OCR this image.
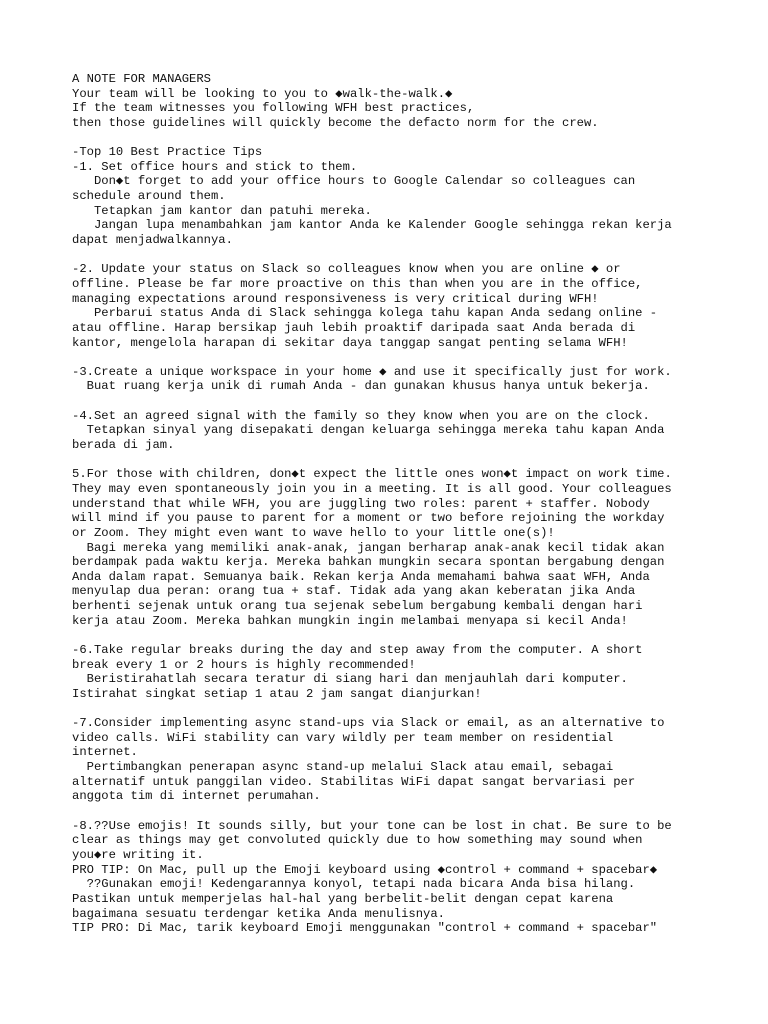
A NOTE FOR MANAGERS

Your team will be looking to you to ◆walk-the-walk.◆

If the team witnesses you following WFH best practices,

then those guidelines will quickly become the defacto norm for the crew.

-Top 10 Best Practice Tips

-1. Set office hours and stick to them.

Don◆t forget to add your office hours to Google Calendar so colleagues can

schedule around them.

Tetapkan jam kantor dan patuhi mereka.

Jangan lupa menambahkan jam kantor Anda ke Kalender Google sehingga rekan kerja

dapat menjadwalkannya.

-2. Update your status on Slack so colleagues know when you are online ◆ or

offline. Please be far more proactive on this than when you are in the office,

managing expectations around responsiveness is very critical during WFH!

Perbarui status Anda di Slack sehingga kolega tahu kapan Anda sedang online -

atau offline. Harap bersikap jauh lebih proaktif daripada saat Anda berada di

kantor, mengelola harapan di sekitar daya tanggap sangat penting selama WFH!

-3.Create a unique workspace in your home ◆ and use it specifically just for work.

Buat ruang kerja unik di rumah Anda - dan gunakan khusus hanya untuk bekerja.

-4.Set an agreed signal with the family so they know when you are on the clock.

Tetapkan sinyal yang disepakati dengan keluarga sehingga mereka tahu kapan Anda

berada di jam.

5.For those with children, don◆t expect the little ones won◆t impact on work time.

They may even spontaneously join you in a meeting. It is all good. Your colleagues

understand that while WFH, you are juggling two roles: parent + staffer. Nobody

will mind if you pause to parent for a moment or two before rejoining the workday

or Zoom. They might even want to wave hello to your little one(s)!

Bagi mereka yang memiliki anak-anak, jangan berharap anak-anak kecil tidak akan

berdampak pada waktu kerja. Mereka bahkan mungkin secara spontan bergabung dengan

Anda dalam rapat. Semuanya baik. Rekan kerja Anda memahami bahwa saat WFH, Anda

menyulap dua peran: orang tua + staf. Tidak ada yang akan keberatan jika Anda

berhenti sejenak untuk orang tua sejenak sebelum bergabung kembali dengan hari

kerja atau Zoom. Mereka bahkan mungkin ingin melambai menyapa si kecil Anda!

-6.Take regular breaks during the day and step away from the computer. A short

break every 1 or 2 hours is highly recommended!

Beristirahatlah secara teratur di siang hari dan menjauhlah dari komputer.

Istirahat singkat setiap 1 atau 2 jam sangat dianjurkan!

-7.Consider implementing async stand-ups via Slack or email, as an alternative to

video calls. WiFi stability can vary wildly per team member on residential

internet.

Pertimbangkan penerapan async stand-up melalui Slack atau email, sebagai

alternatif untuk panggilan video. Stabilitas WiFi dapat sangat bervariasi per

anggota tim di internet perumahan.

-8.??Use emojis! It sounds silly, but your tone can be lost in chat. Be sure to be

clear as things may get convoluted quickly due to how something may sound when

you◆re writing it.

PRO TIP: On Mac, pull up the Emoji keyboard using ◆control + command + spacebar◆

??Gunakan emoji! Kedengarannya konyol, tetapi nada bicara Anda bisa hilang.

Pastikan untuk memperjelas hal-hal yang berbelit-belit dengan cepat karena

bagaimana sesuatu terdengar ketika Anda menulisnya.

TIP PRO: Di Mac, tarik keyboard Emoji menggunakan "control + command + spacebar"
